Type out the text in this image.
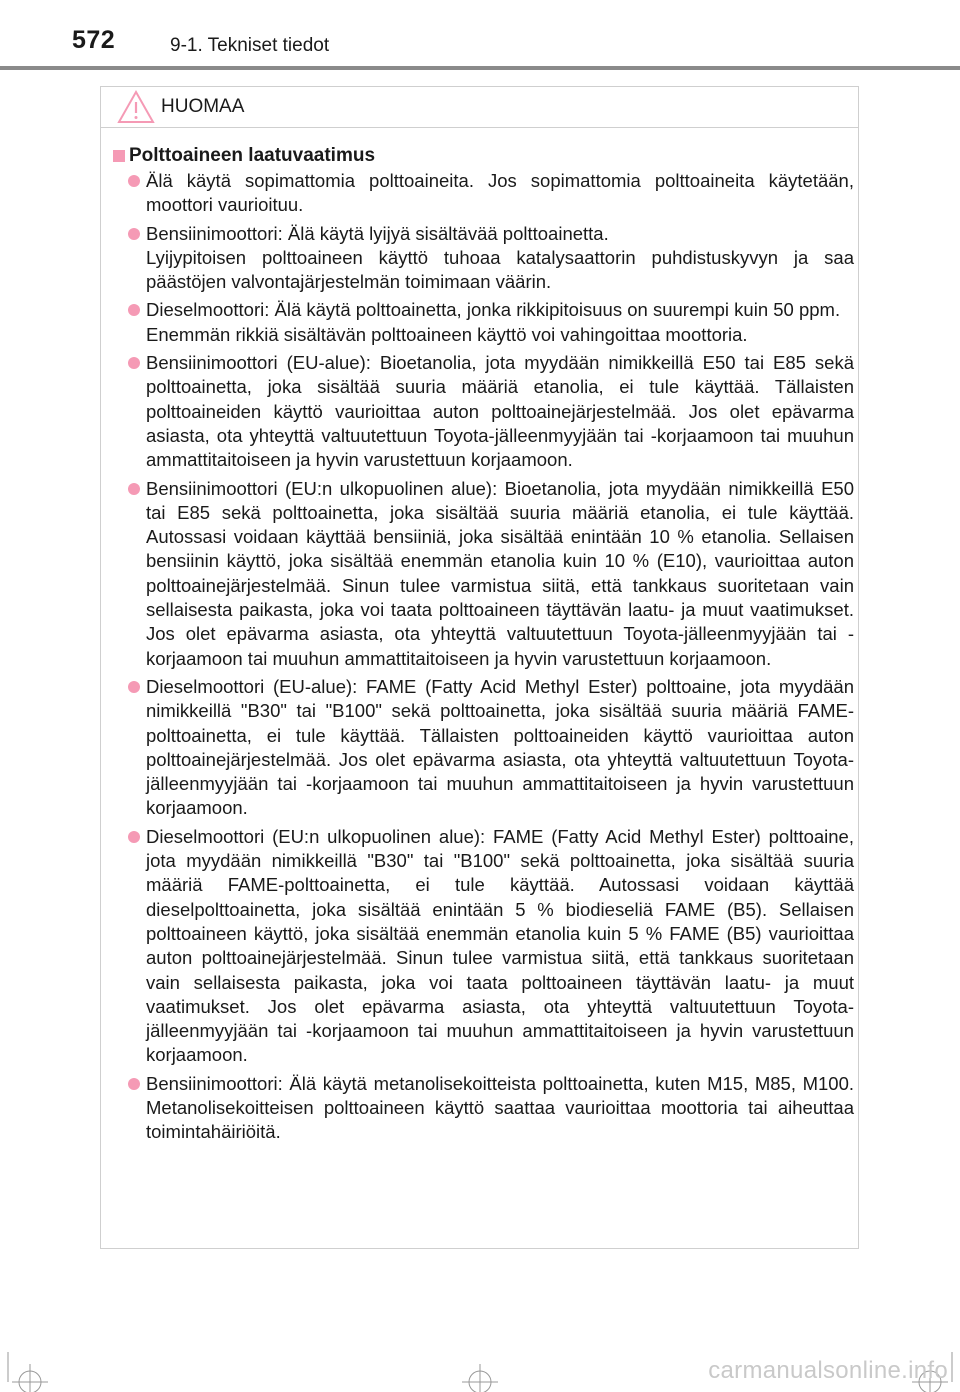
572	9-1. Tekniset tiedot
HUOMAA
Polttoaineen laatuvaatimus

Älä käytä sopimattomia polttoaineita. Jos sopimattomia polttoaineita käytetään, moottori vaurioituu.

Bensiinimoottori: Älä käytä lyijyä sisältävää polttoainetta.

Lyijypitoisen polttoaineen käyttö tuhoaa katalysaattorin puhdistuskyvyn ja saa päästöjen valvontajärjestelmän toimimaan väärin.

Dieselmoottori: Älä käytä polttoainetta, jonka rikkipitoisuus on suurempi kuin 50 ppm.

Enemmän rikkiä sisältävän polttoaineen käyttö voi vahingoittaa moottoria.

Bensiinimoottori (EU-alue): Bioetanolia, jota myydään nimikkeillä E50 tai E85 sekä polttoainetta, joka sisältää suuria määriä etanolia, ei tule käyttää. Tällaisten polttoaineiden käyttö vaurioittaa auton polttoainejärjestelmää. Jos olet epävarma asiasta, ota yhteyttä valtuutettuun Toyota-jälleenmyyjään tai -korjaamoon tai muuhun ammattitaitoiseen ja hyvin varustettuun korjaamoon.

Bensiinimoottori (EU:n ulkopuolinen alue): Bioetanolia, jota myydään nimikkeillä E50 tai E85 sekä polttoainetta, joka sisältää suuria määriä etanolia, ei tule käyttää. Autossasi voidaan käyttää bensiiniä, joka sisältää enintään 10 % etanolia. Sellaisen bensiinin käyttö, joka sisältää enemmän etanolia kuin 10 % (E10), vaurioittaa auton polttoainejärjestelmää. Sinun tulee varmistua siitä, että tankkaus suoritetaan vain sellaisesta paikasta, joka voi taata polttoaineen täyttävän laatu- ja muut vaatimukset. Jos olet epävarma asiasta, ota yhteyttä valtuutettuun Toyota-jälleenmyyjään tai -korjaamoon tai muuhun ammattitaitoiseen ja hyvin varustettuun korjaamoon.

Dieselmoottori (EU-alue): FAME (Fatty Acid Methyl Ester) polttoaine, jota myydään nimikkeillä "B30" tai "B100" sekä polttoainetta, joka sisältää suuria määriä FAME-polttoainetta, ei tule käyttää. Tällaisten polttoaineiden käyttö vaurioittaa auton polttoainejärjestelmää. Jos olet epävarma asiasta, ota yhteyttä valtuutettuun Toyota-jälleenmyyjään tai -korjaamoon tai muuhun ammattitaitoiseen ja hyvin varustettuun korjaamoon.

Dieselmoottori (EU:n ulkopuolinen alue): FAME (Fatty Acid Methyl Ester) polttoaine, jota myydään nimikkeillä "B30" tai "B100" sekä polttoainetta, joka sisältää suuria määriä FAME-polttoainetta, ei tule käyttää. Autossasi voidaan käyttää dieselpolttoainetta, joka sisältää enintään 5 % biodieseliä FAME (B5). Sellaisen polttoaineen käyttö, joka sisältää enemmän etanolia kuin 5 % FAME (B5) vaurioittaa auton polttoainejärjestelmää. Sinun tulee varmistua siitä, että tankkaus suoritetaan vain sellaisesta paikasta, joka voi taata polttoaineen täyttävän laatu- ja muut vaatimukset. Jos olet epävarma asiasta, ota yhteyttä valtuutettuun Toyota-jälleenmyyjään tai -korjaamoon tai muuhun ammattitaitoiseen ja hyvin varustettuun korjaamoon.

Bensiinimoottori: Älä käytä metanolisekoitteista polttoainetta, kuten M15, M85, M100. Metanolisekoitteisen polttoaineen käyttö saattaa vaurioittaa moottoria tai aiheuttaa toimintahäiriöitä.

carmanualsonline.info
